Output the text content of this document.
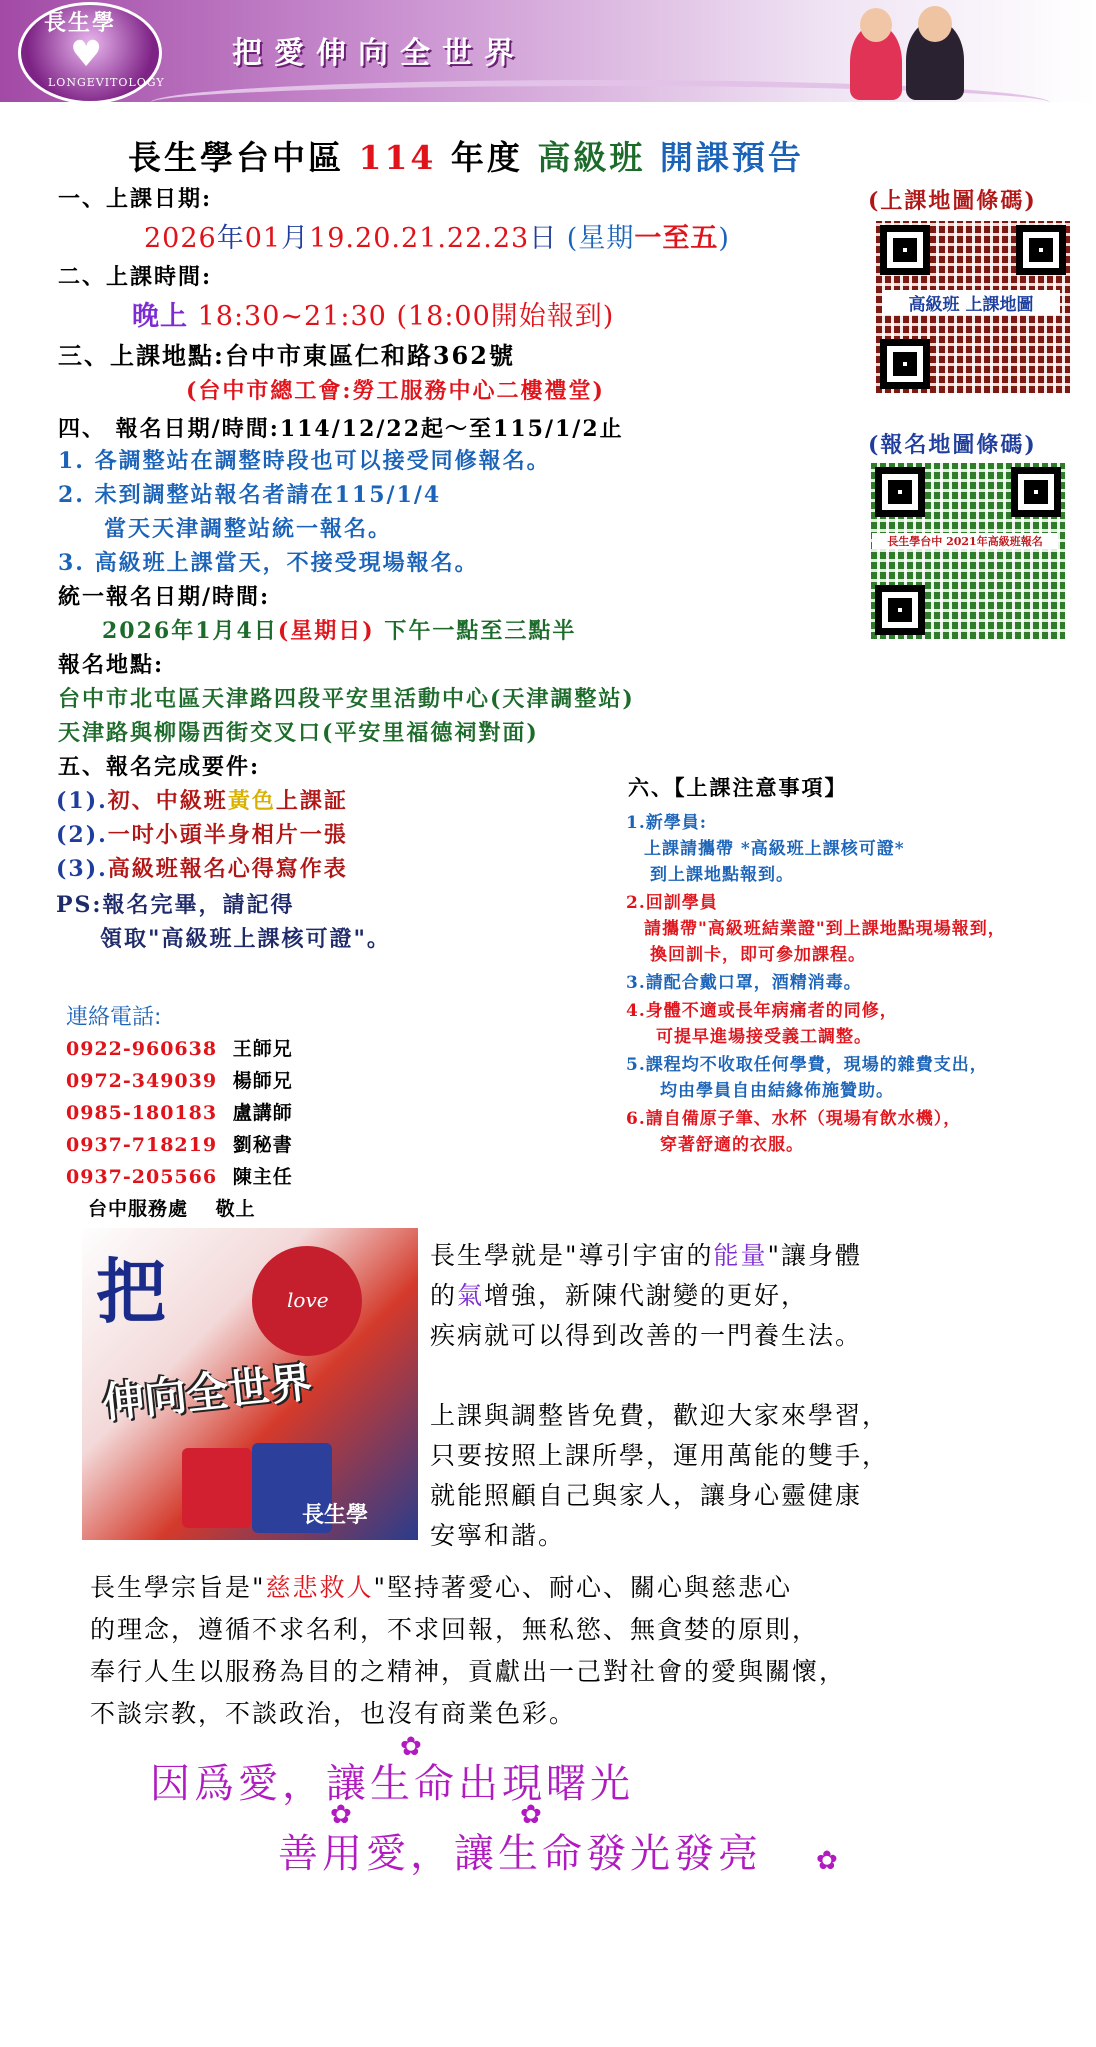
長生學
♥
LONGEVITOLOGY
把愛伸向全世界
長生學台中區 114 年度 高級班 開課預告
一、上課日期:
2026年01月19.20.21.22.23日 (星期一至五)
二、上課時間:
晚上 18:30~21:30 (18:00開始報到)
三、上課地點:台中市東區仁和路362號
(台中市總工會:勞工服務中心二樓禮堂)
四、 報名日期/時間:114/12/22起～至115/1/2止
1. 各調整站在調整時段也可以接受同修報名。
2. 未到調整站報名者請在115/1/4
當天天津調整站統一報名。
3. 高級班上課當天，不接受現場報名。
統一報名日期/時間:
2026年1月4日(星期日) 下午一點至三點半
報名地點:
台中市北屯區天津路四段平安里活動中心(天津調整站)
天津路與柳陽西街交叉口(平安里福德祠對面)
五、報名完成要件:
(1).初、中級班黃色上課証
(2).一吋小頭半身相片一張
(3).高級班報名心得寫作表
PS:報名完畢，請記得
領取"高級班上課核可證"。
(上課地圖條碼)
高級班 上課地圖
(報名地圖條碼)
長生學台中 2021年高級班報名
六、【上課注意事項】
1.新學員:
上課請攜帶 *高級班上課核可證*
到上課地點報到。
2.回訓學員
請攜帶"高級班結業證"到上課地點現場報到，
換回訓卡，即可參加課程。
3.請配合戴口罩，酒精消毒。
4.身體不適或長年病痛者的同修，
可提早進場接受義工調整。
5.課程均不收取任何學費，現場的雜費支出，
均由學員自由結緣佈施贊助。
6.請自備原子筆、水杯（現場有飲水機），
穿著舒適的衣服。
連絡電話:
0922-960638 王師兄
0972-349039 楊師兄
0985-180183 盧講師
0937-718219 劉秘書
0937-205566 陳主任
台中服務處　 敬上
把	love
伸向全世界
長生學
長生學就是"導引宇宙的能量"讓身體
的氣增強，新陳代謝變的更好，
疾病就可以得到改善的一門養生法。
上課與調整皆免費，歡迎大家來學習，
只要按照上課所學，運用萬能的雙手，
就能照顧自己與家人，讓身心靈健康
安寧和諧。
長生學宗旨是"慈悲救人"堅持著愛心、耐心、關心與慈悲心
的理念，遵循不求名利，不求回報，無私慾、無貪婪的原則，
奉行人生以服務為目的之精神，貢獻出一己對社會的愛與關懷，
不談宗教，不談政治，也沒有商業色彩。
因爲愛，讓生命出現曙光
✿
✿
善用愛，讓生命發光發亮
✿
✿
